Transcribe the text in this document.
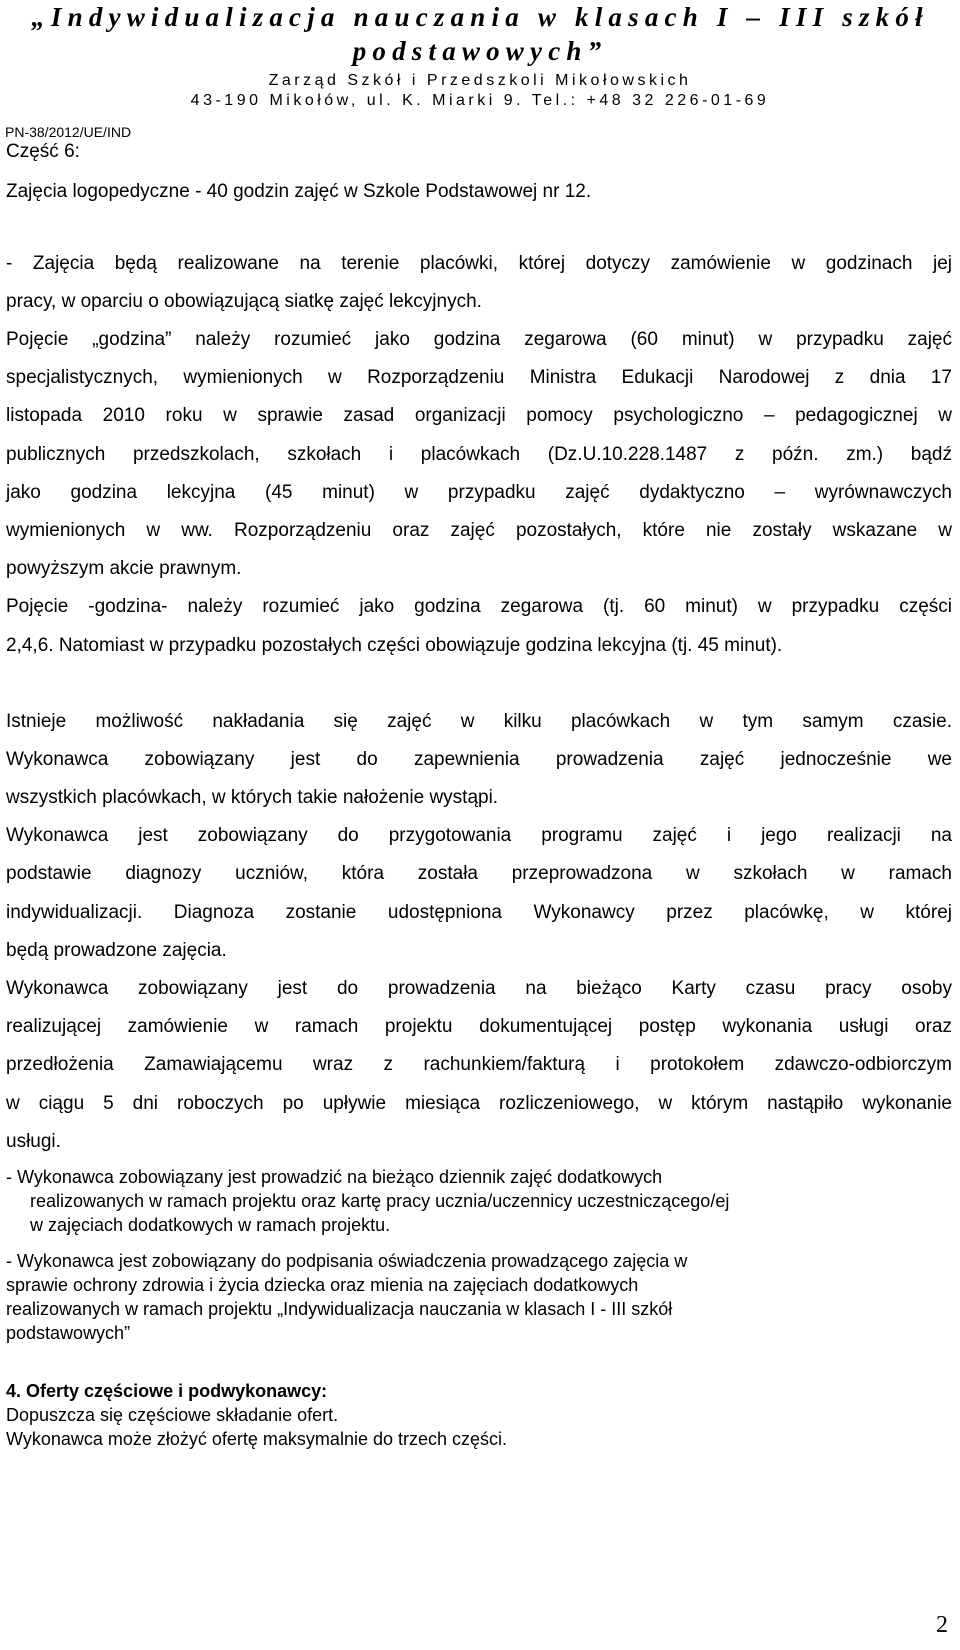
„Indywidualizacja nauczania w klasach I – III szkół
podstawowych”
Zarząd Szkół i Przedszkoli Mikołowskich
43-190 Mikołów, ul. K. Miarki 9. Tel.: +48 32 226-01-69
PN-38/2012/UE/IND
Część 6:
Zajęcia logopedyczne - 40 godzin zajęć w Szkole Podstawowej nr 12.
- Zajęcia będą realizowane na terenie placówki, której dotyczy zamówienie w godzinach jej
pracy, w oparciu o obowiązującą siatkę zajęć lekcyjnych.
Pojęcie „godzina” należy rozumieć jako godzina zegarowa (60 minut) w przypadku zajęć
specjalistycznych, wymienionych w Rozporządzeniu Ministra Edukacji Narodowej z dnia 17
listopada 2010 roku w sprawie zasad organizacji pomocy psychologiczno – pedagogicznej w
publicznych przedszkolach, szkołach i placówkach (Dz.U.10.228.1487 z późn. zm.) bądź
jako godzina lekcyjna (45 minut) w przypadku zajęć dydaktyczno – wyrównawczych
wymienionych w ww. Rozporządzeniu oraz zajęć pozostałych, które nie zostały wskazane w
powyższym akcie prawnym.
Pojęcie -godzina- należy rozumieć jako godzina zegarowa (tj. 60 minut) w przypadku części
2,4,6. Natomiast w przypadku pozostałych części obowiązuje godzina lekcyjna (tj. 45 minut).
Istnieje możliwość nakładania się zajęć w kilku placówkach w tym samym czasie.
Wykonawca zobowiązany jest do zapewnienia prowadzenia zajęć jednocześnie we
wszystkich placówkach, w których takie nałożenie wystąpi.
Wykonawca jest zobowiązany do przygotowania programu zajęć i jego realizacji na
podstawie diagnozy uczniów, która została przeprowadzona w szkołach w ramach
indywidualizacji. Diagnoza zostanie udostępniona Wykonawcy przez placówkę, w której
będą prowadzone zajęcia.
Wykonawca zobowiązany jest do prowadzenia na bieżąco Karty czasu pracy osoby
realizującej zamówienie w ramach projektu dokumentującej postęp wykonania usługi oraz
przedłożenia Zamawiającemu wraz z rachunkiem/fakturą i protokołem zdawczo-odbiorczym
w ciągu 5 dni roboczych po upływie miesiąca rozliczeniowego, w którym nastąpiło wykonanie
usługi.
- Wykonawca zobowiązany jest prowadzić na bieżąco dziennik zajęć dodatkowych
realizowanych w ramach projektu oraz kartę pracy ucznia/uczennicy uczestniczącego/ej
w zajęciach dodatkowych w ramach projektu.
- Wykonawca jest zobowiązany do podpisania oświadczenia prowadzącego zajęcia w
sprawie ochrony zdrowia i życia dziecka oraz mienia na zajęciach dodatkowych
realizowanych w ramach projektu „Indywidualizacja nauczania w klasach I - III szkół
podstawowych”
4. Oferty częściowe i podwykonawcy:
Dopuszcza się częściowe składanie ofert.
Wykonawca może złożyć ofertę maksymalnie do trzech części.
2
